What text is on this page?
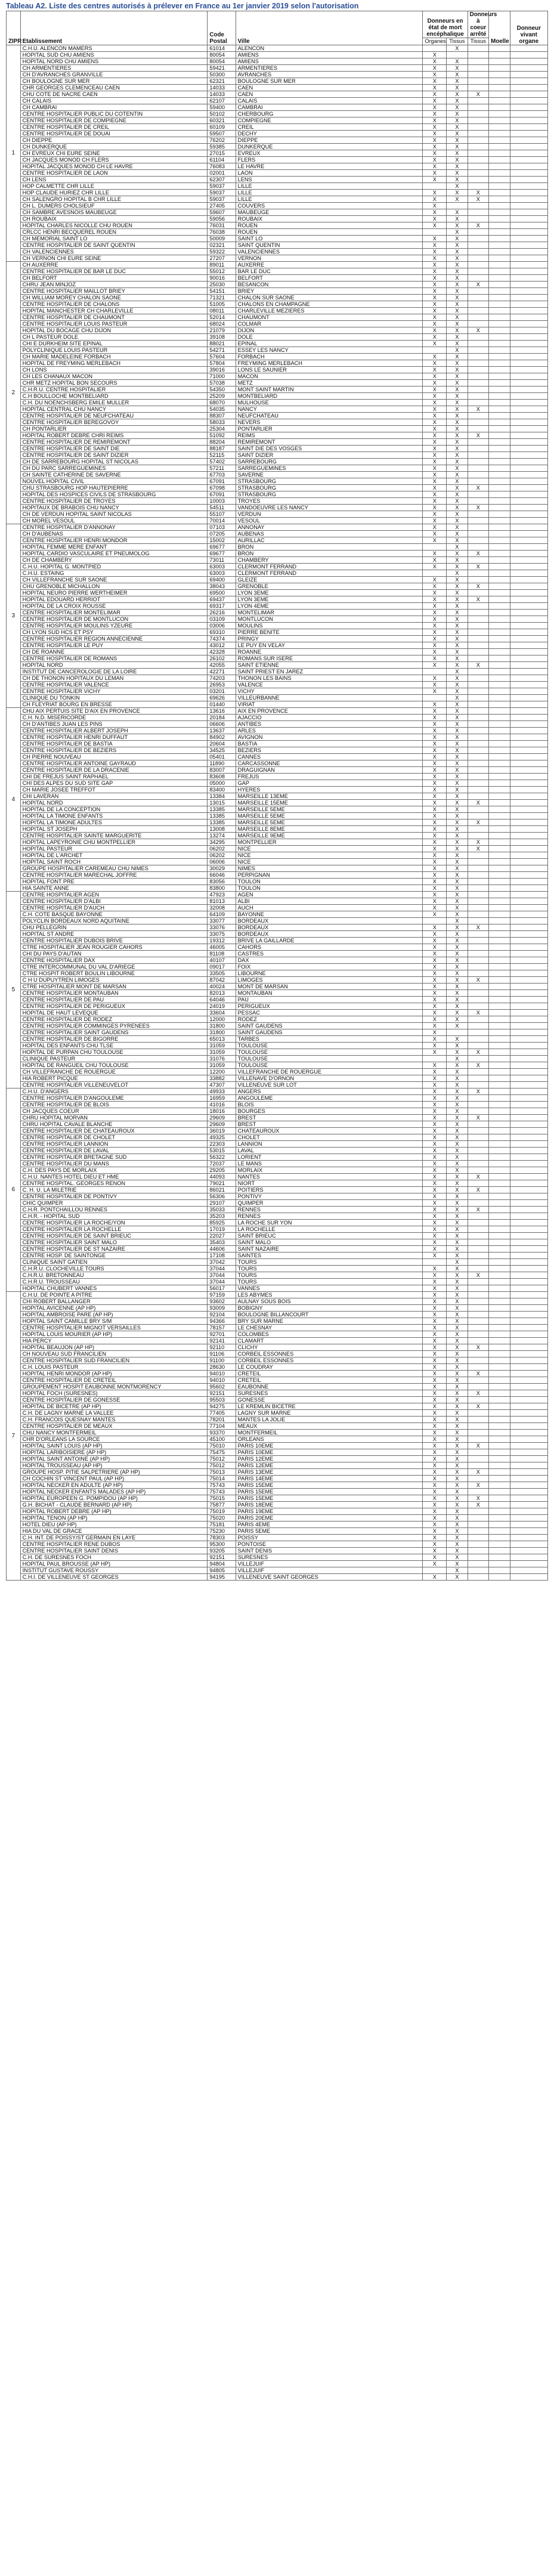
Tableau A2. Liste des centres autorisés à prélever en France au 1er janvier 2019 selon l'autorisation
ZIPR	Etablissement	Code Postal	Ville	Donneurs en état de mort encéphalique		Donneurs à coeur arrêté	Moelle	Donneur vivant organe
				Organes	Tissus	Tissus		
1	C.H.U. ALENCON MAMERS	61014	ALENCON		X			
	HOPITAL SUD CHU AMIENS	80054	AMIENS	X				
	HOPITAL NORD CHU AMIENS	80054	AMIENS	X	X			
	CH ARMENTIERES	59421	ARMENTIERES	X	X			
	CH D'AVRANCHES GRANVILLE	50300	AVRANCHES	X	X			
	CH BOULOGNE SUR MER	62321	BOULOGNE SUR MER	X	X			
	CHR GEORGES CLEMENCEAU CAEN	14033	CAEN	X	X			
	CHU COTE DE NACRE CAEN	14033	CAEN	X	X	X		
	CH CALAIS	62107	CALAIS	X	X			
	CH CAMBRAI	59400	CAMBRAI	X	X			
	CENTRE HOSPITALIER PUBLIC DU COTENTIN	50102	CHERBOURG	X	X			
	CENTRE HOSPITALIER DE COMPIEGNE	60321	COMPIEGNE	X	X			
	CENTRE HOSPITALIER DE CREIL	60109	CREIL	X	X			
	CENTRE HOSPITALIER DE DOUAI	59507	DECHY	X	X			
	CH DIEPPE	76202	DIEPPE	X	X			
	CH DUNKERQUE	59385	DUNKERQUE	X	X			
	CH EVREUX CHI EURE SEINE	27015	EVREUX	X	X			
	CH JACQUES MONOD CH FLERS	61104	FLERS	X	X			
	HOPITAL JACQUES MONOD CH LE HAVRE	76083	LE HAVRE	X	X			
	CENTRE HOSPITALIER DE LAON	02001	LAON	X	X			
	CH LENS	62307	LENS	X	X			
	HOP CALMETTE CHR LILLE	59037	LILLE		X			
	HOP CLAUDE HURIEZ CHR LILLE	59037	LILLE	X	X	X		
	CH SALENGRO HOPITAL B CHR LILLE	59037	LILLE	X	X	X		
	CH L. DUMERS CHOLSIEUF	27405	COUVERS	X				
	CH SAMBRE AVESNOIS MAUBEUGE	59607	MAUBEUGE	X	X			
	CH ROUBAIX	59056	ROUBAIX	X	X			
	HOPITAL CHARLES NICOLLE CHU ROUEN	76031	ROUEN	X	X	X		
	CRLCC HENRI BECQUEREL ROUEN	76038	ROUEN		X			
	CH MEMORIAL SAINT LO	50009	SAINT LO	X	X			
	CENTRE HOSPITALIER DE SAINT QUENTIN	02321	SAINT QUENTIN	X	X			
	CH VALENCIENNES	59322	VALENCIENNES	X	X			
	CH VERNON CHI EURE SEINE	27207	VERNON	X	X			
2	CH AUXERRE	89011	AUXERRE	X	X			
	CENTRE HOSPITALIER DE BAR LE DUC	55012	BAR LE DUC	X	X			
	CH BELFORT	90016	BELFORT	X	X			
	CHRU JEAN MINJOZ	25030	BESANCON	X	X	X		
	CENTRE HOSPITALIER MAILLOT BRIEY	54151	BRIEY	X	X			
	CH WILLIAM MOREY CHALON SAONE	71321	CHALON SUR SAONE	X	X			
	CENTRE HOSPITALIER DE CHALONS	51005	CHALONS EN CHAMPAGNE	X	X			
	HOPITAL MANCHESTER CH CHARLEVILLE	08011	CHARLEVILLE MEZIERES	X	X			
	CENTRE HOSPITALIER DE CHAUMONT	52014	CHAUMONT	X	X			
	CENTRE HOSPITALIER LOUIS PASTEUR	68024	COLMAR	X	X			
	HOPITAL DU BOCAGE CHU DIJON	21079	DIJON	X	X	X		
	CH L PASTEUR DOLE	39108	DOLE	X	X			
	CHI E DURKHEIM SITE EPINAL	88021	EPINAL	X	X			
	POLYCLINIQUE LOUIS PASTEUR	54271	ESSEY LES NANCY		X			
	CH MARIE MADELEINE FORBACH	57604	FORBACH	X	X			
	HOPITAL DE FREYMING MERLEBACH	57804	FREYMING MERLEBACH	X	X			
	CH LONS	39016	LONS LE SAUNIER	X	X			
	CH LES CHANAUX MACON	71000	MACON	X	X			
	CHR METZ HOPITAL BON SECOURS	57038	METZ	X	X			
	C.H.R.U. CENTRE HOSPITALIER	54350	MONT SAINT MARTIN	X	X			
	C.H BOULLOCHE MONTBELIARD	25209	MONTBELIARD	X	X			
	C.H. DU NOENCHSBERG EMILE MULLER	68070	MULHOUSE	X	X			
	HOPITAL CENTRAL CHU NANCY	54035	NANCY	X	X	X		
	CENTRE HOSPITALIER DE NEUFCHATEAU	88307	NEUFCHATEAU	X	X			
	CENTRE HOSPITALIER BEREGOVOY	58033	NEVERS	X	X			
	CH PONTARLIER	25304	PONTARLIER	X	X			
	HOPITAL ROBERT DEBRE CHRI REIMS	51092	REIMS	X	X	X		
	CENTRE HOSPITALIER DE REMIREMONT	88204	REMIREMONT	X	X			
	CENTRE HOSPITALIER DE SAINT DIE	88187	SAINT DIE DES VOSGES	X	X			
	CENTRE HOSPITALIER DE SAINT DIZIER	52115	SAINT DIZIER	X	X			
	CH DE SARREBOURG HOPITAL ST NICOLAS	57402	SARREBOURG	X	X			
	CH DU PARC SARREGUEMINES	57211	SARREGUEMINES	X	X			
	CH SAINTE CATHERINE DE SAVERNE	67703	SAVERNE	X	X			
	NOUVEL HOPITAL CIVIL	67091	STRASBOURG	X	X			
	CHU STRASBOURG HOP HAUTEPIERRE	67098	STRASBOURG	X	X	X		
	HOPITAL DES HOSPICES CIVILS DE STRASBOURG	67091	STRASBOURG	X	X			
	CENTRE HOSPITALIER DE TROYES	10003	TROYES	X	X			
	HOPITAUX DE BRABOIS CHU NANCY	54511	VANDOEUVRE LES NANCY	X	X	X		
	CH DE VERDUN HOPITAL SAINT NICOLAS	55107	VERDUN	X	X			
	CH MOREL VESOUL	70014	VESOUL	X	X			
3	CENTRE HOSPITALIER D'ANNONAY	07103	ANNONAY	X	X			
	CH D'AUBENAS	07205	AUBENAS	X	X			
	CENTRE HOSPITALIER HENRI MONDOR	15002	AURILLAC	X	X			
	HOPITAL FEMME MERE ENFANT	69677	BRON		X			
	HOPITAL CARDIO VASCULAIRE ET PNEUMOLOG	69677	BRON	X	X	X		
	CH DE CHAMBERY	73011	CHAMBERY	X	X			
	C.H.U. HOPITAL G. MONTPIED	63003	CLERMONT FERRAND	X	X	X		
	C.H.U. ESTAING	63003	CLERMONT FERRAND		X			
	CH VILLEFRANCHE SUR SAONE	69400	GLEIZE	X	X			
	CHU GRENOBLE MICHALLON	38043	GRENOBLE	X	X	X		
	HOPITAL NEURO PIERRE WERTHEIMER	69500	LYON 3EME	X	X			
	HOPITAL EDOUARD HERRIOT	69437	LYON 3EME	X	X	X		
	HOPITAL DE LA CROIX ROUSSE	69317	LYON 4EME	X	X			
	CENTRE HOSPITALIER MONTELIMAR	26216	MONTELIMAR	X	X			
	CENTRE HOSPITALIER DE MONTLUCON	03109	MONTLUCON	X	X			
	CENTRE HOSPITALIER MOULINS YZEURE	03006	MOULINS	X	X			
	CH LYON SUD HCS ET PSY	69310	PIERRE BENITE	X	X			
	CENTRE HOSPITALIER REGION ANNECIENNE	74374	PRINGY	X	X			
	CENTRE HOSPITALIER LE PUY	43012	LE PUY EN VELAY	X	X			
	CH DE ROANNE	42328	ROANNE	X	X			
	CENTRE HOSPITALIER DE ROMANS	26102	ROMANS SUR ISERE	X	X			
	HOPITAL NORD	42055	SAINT ETIENNE	X	X	X		
	INSTITUT DE CANCEROLOGIE DE LA LOIRE	42271	SAINT PRIEST EN JAREZ		X			
	CH DE THONON HOPITAUX DU LEMAN	74203	THONON LES BAINS	X	X			
	CENTRE HOSPITALIER VALENCE	26953	VALENCE	X	X			
	CENTRE HOSPITALIER VICHY	03201	VICHY	X	X			
	CLINIQUE DU TONKIN	69626	VILLEURBANNE		X			
	CH FLEYRIAT BOURG EN BRESSE	01440	VIRIAT	X	X			
4	CHU AIX PERTUIS SITE D'AIX EN PROVENCE	13616	AIX EN PROVENCE	X	X			
	C.H. N.D. MISERICORDE	20184	AJACCIO	X	X			
	CH D'ANTIBES JUAN LES PINS	06606	ANTIBES	X	X			
	CENTRE HOSPITALIER ALBERT JOSEPH	13637	ARLES	X	X			
	CENTRE HOSPITALIER HENRI DUFFAUT	84902	AVIGNON	X	X			
	CENTRE HOSPITALIER DE BASTIA	20604	BASTIA	X	X			
	CENTRE HOSPITALIER DE BEZIERS	34525	BEZIERS	X	X			
	CH PIERRE NOUVEAU	05401	CANNES	X	X			
	CENTRE HOSPITALIER ANTOINE GAYRAUD	11890	CARCASSONNE	X	X			
	CENTRE HOSPITALIER DE LA DRACENIE	83007	DRAGUIGNAN	X	X			
	CHI DE FREJUS SAINT RAPHAEL	83608	FREJUS	X	X			
	CHI DES ALPES DU SUD SITE GAP	05000	GAP	X	X			
	CH MARIE JOSEE TREFFOT	83400	HYERES	X	X			
	CHI LAVERAN	13384	MARSEILLE 13EME	X	X			
	HOPITAL NORD	13015	MARSEILLE 15EME	X	X	X		
	HOPITAL DE LA CONCEPTION	13385	MARSEILLE 5EME	X	X			
	HOPITAL LA TIMONE ENFANTS	13385	MARSEILLE 5EME	X	X			
	HOPITAL LA TIMONE ADULTES	13385	MARSEILLE 5EME	X	X	X		
	HOPITAL ST JOSEPH	13008	MARSEILLE 8EME	X	X			
	CENTRE HOSPITALIER SAINTE MARGUERITE	13274	MARSEILLE 9EME	X	X			
	HOPITAL LAPEYRONIE CHU MONTPELLIER	34295	MONTPELLIER	X	X	X		
	HOPITAL PASTEUR	06202	NICE	X	X	X		
	HOPITAL DE L'ARCHET	06202	NICE	X	X			
	HOPITAL SAINT ROCH	06006	NICE	X	X			
	GROUPE HOSPITALIER CAREMEAU CHU NIMES	30029	NIMES	X	X			
	CENTRE HOSPITALIER MARECHAL JOFFRE	66046	PERPIGNAN	X	X			
	HOPITAL FONT PRE	83056	TOULON	X	X			
	HIA SAINTE ANNE	83800	TOULON	X	X			
5	CENTRE HOSPITALIER AGEN	47923	AGEN	X	X			
	CENTRE HOSPITALIER D'ALBI	81013	ALBI	X	X			
	CENTRE HOSPITALIER D'AUCH	32008	AUCH	X	X			
	C.H. COTE BASQUE BAYONNE	64109	BAYONNE	X	X			
	POLYCLIN BORDEAUX NORD AQUITAINE	33077	BORDEAUX		X			
	CHU PELLEGRIN	33076	BORDEAUX	X	X	X		
	HOPITAL ST ANDRE	33075	BORDEAUX	X	X			
	CENTRE HOSPITALIER DUBOIS BRIVE	19312	BRIVE LA GAILLARDE	X	X			
	CTRE HOSPITALIER JEAN ROUGIER CAHORS	46005	CAHORS	X	X			
	CHI DU PAYS D'AUTAN	81108	CASTRES	X	X			
	CENTRE HOSPITALIER DAX	40107	DAX	X	X			
	CTRE INTERCOMMUNAL DU VAL D'ARIEGE	09017	FOIX	X	X			
	CTRE HOSPIT ROBERT BOULIN LIBOURNE	33505	LIBOURNE	X	X			
	C H U DUPUYTREN LIMOGES	87042	LIMOGES	X	X	X		
	CTRE HOSPITALIER MONT DE MARSAN	40024	MONT DE MARSAN	X	X			
	CENTRE HOSPITALIER MONTAUBAN	82013	MONTAUBAN	X	X			
	CENTRE HOSPITALIER DE PAU	64046	PAU	X	X			
	CENTRE HOSPITALIER DE PERIGUEUX	24019	PERIGUEUX	X	X			
	HOPITAL DE HAUT LEVEQUE	33604	PESSAC	X	X	X		
	CENTRE HOSPITALIER DE RODEZ	12000	RODEZ	X	X			
	CENTRE HOSPITALIER COMMINGES PYRENEES	31800	SAINT GAUDENS	X	X			
	CENTRE HOSPITALIER SAINT GAUDENS	31800	SAINT GAUDENS	X				
	CENTRE HOSPITALIER DE BIGORRE	65013	TARBES	X	X			
	HOPITAL DES ENFANTS CHU TLSE	31059	TOULOUSE	X	X			
	HOPITAL DE PURPAN CHU TOULOUSE	31059	TOULOUSE	X	X	X		
	CLINIQUE PASTEUR	31076	TOULOUSE		X			
	HOPITAL DE RANGUEIL CHU TOULOUSE	31059	TOULOUSE	X	X	X		
	CH VILLEFRANCHE DE ROUERGUE	12200	VILLEFRANCHE DE ROUERGUE	X	X			
	HIA ROBERT PICQUE	33882	VILLENAVE D'ORNON	X	X			
	CENTRE HOSPITALIER VILLENEUVELOT	47307	VILLENEUVE SUR LOT	X	X			
6	C.H.U. D'ANGERS	49933	ANGERS	X	X	X		
	CENTRE HOSPITALIER D'ANGOULEME	16959	ANGOULEME	X	X			
	CENTRE HOSPITALIER DE BLOIS	41016	BLOIS	X	X			
	CH JACQUES COEUR	18016	BOURGES	X	X			
	CHRU HOPITAL MORVAN	29609	BREST	X	X	X		
	CHRU HOPITAL CAVALE BLANCHE	29609	BREST	X	X			
	CENTRE HOSPITALIER DE CHATEAUROUX	36019	CHATEAUROUX	X	X			
	CENTRE HOSPITALIER DE CHOLET	49325	CHOLET	X	X			
	CENTRE HOSPITALIER LANNION	22303	LANNION	X	X			
	CENTRE HOSPITALIER DE LAVAL	53015	LAVAL	X	X			
	CENTRE HOSPITALIER BRETAGNE SUD	56322	LORIENT	X	X			
	CENTRE HOSPITALIER DU MANS	72037	LE MANS	X	X			
	C.H. DES PAYS DE MORLAIX	29205	MORLAIX	X	X			
	C.H.U. NANTES HOTEL DIEU ET HME	44093	NANTES	X	X	X		
	CENTRE HOSPITAL. GEORGES RENON	79021	NIORT	X	X			
	C. H. U. LA MILETRIE	86021	POITIERS	X	X	X		
	CENTRE HOSPITALIER DE PONTIVY	56306	PONTIVY	X	X			
	CHIC QUIMPER	29107	QUIMPER	X	X			
	C.H.R. PONTCHAILLOU RENNES	35033	RENNES	X	X	X		
	C.H.R. - HOPITAL SUD	35203	RENNES	X	X			
	CENTRE HOSPITALIER LA ROCHE/YON	85925	LA ROCHE SUR YON	X	X			
	CENTRE HOSPITALIER LA ROCHELLE	17019	LA ROCHELLE	X	X			
	CENTRE HOSPITALIER DE SAINT BRIEUC	22027	SAINT BRIEUC	X	X			
	CENTRE HOSPITALIER SAINT MALO	35403	SAINT MALO	X	X			
	CENTRE HOSPITALIER DE ST NAZAIRE	44606	SAINT NAZAIRE	X	X			
	CENTRE HOSP. DE SAINTONGE	17108	SAINTES	X	X			
	CLINIQUE SAINT GATIEN	37042	TOURS		X			
	C.H.R.U. CLOCHEVILLE TOURS	37044	TOURS	X	X			
	C.H.R.U. BRETONNEAU	37044	TOURS	X	X	X		
	C.H.R.U. TROUSSEAU	37044	TOURS	X	X			
	HOPITAL CHUBERT VANNES	56017	VANNES	X	X			
7	C.H.U. DE POINTE A PITRE	97159	LES ABYMES	X	X			
	CHI ROBERT BALLANGER	93602	AULNAY SOUS BOIS	X	X			
	HOPITAL AVICENNE (AP HP)	93009	BOBIGNY	X	X			
	HOPITAL AMBROISE PARE (AP HP)	92104	BOULOGNE BILLANCOURT	X	X			
	HOPITAL SAINT CAMILLE BRY S/M	94366	BRY SUR MARNE	X	X			
	CENTRE HOSPITALIER MIGNOT VERSAILLES	78157	LE CHESNAY	X	X			
	HOPITAL LOUIS MOURIER (AP HP)	92701	COLOMBES	X	X			
	HIA PERCY	92141	CLAMART	X	X			
	HOPITAL BEAUJON (AP HP)	92110	CLICHY	X	X	X		
	CH NOUVEAU SUD FRANCILIEN	91106	CORBEIL ESSONNES	X	X			
	CENTRE HOSPITALIER SUD FRANCILIEN	91100	CORBEIL ESSONNES	X	X			
	C.H. LOUIS PASTEUR	28630	LE COUDRAY	X	X			
	HOPITAL HENRI MONDOR (AP HP)	94010	CRETEIL	X	X	X		
	CENTRE HOSPITALIER DE CRETEIL	94010	CRETEIL	X	X			
	GROUPEMENT HOSPIT EAUBONNE MONTMORENCY	95602	EAUBONNE	X	X			
	HOPITAL FOCH (SURESNES)	92151	SURESNES	X	X	X		
	CENTRE HOSPITALIER DE GONESSE	95503	GONESSE	X	X			
	HOPITAL DE BICETRE (AP HP)	94275	LE KREMLIN BICETRE	X	X	X		
	C.H. DE LAGNY MARNE LA VALLEE	77405	LAGNY SUR MARNE	X	X			
	C.H. FRANCOIS QUESNAY MANTES	78201	MANTES LA JOLIE	X	X			
	CENTRE HOSPITALIER DE MEAUX	77104	MEAUX	X	X			
	CHU NANCY MONTFERMEIL	93370	MONTFERMEIL	X	X			
	CHR D'ORLEANS LA SOURCE	45100	ORLEANS	X	X			
	HOPITAL SAINT LOUIS (AP HP)	75010	PARIS 10EME	X	X	X		
	HOPITAL LARIBOISIERE (AP HP)	75475	PARIS 10EME	X	X			
	HOPITAL SAINT ANTOINE (AP HP)	75012	PARIS 12EME	X	X			
	HOPITAL TROUSSEAU (AP HP)	75012	PARIS 12EME	X	X			
	GROUPE HOSP. PITIE SALPETRIERE (AP HP)	75013	PARIS 13EME	X	X	X		
	CH COCHIN ST VINCENT PAUL (AP HP)	75014	PARIS 14EME	X	X			
	HOPITAL NECKER EN ADULTE (AP HP)	75743	PARIS 15EME	X	X	X		
	HOPITAL NECKER ENFANTS MALADES (AP HP)	75743	PARIS 15EME	X	X			
	HOPITAL EUROPEEN G. POMPIDOU (AP HP)	75015	PARIS 15EME	X	X	X		
	G.H. BICHAT - CLAUDE BERNARD (AP HP)	75877	PARIS 18EME	X	X	X		
	HOPITAL ROBERT DEBRE (AP HP)	75019	PARIS 19EME	X	X			
	HOPITAL TENON (AP HP)	75020	PARIS 20EME	X	X			
	HOTEL DIEU (AP HP)	75181	PARIS 4EME	X	X			
	HIA DU VAL DE GRACE	75230	PARIS 5EME	X	X			
	C.H. INT. DE POISSY/ST GERMAIN EN LAYE	78303	POISSY	X	X			
	CENTRE HOSPITALIER RENE DUBOS	95300	PONTOISE	X	X			
	CENTRE HOSPITALIER SAINT DENIS	93205	SAINT DENIS	X	X			
	C.H. DE SURESNES FOCH	92151	SURESNES	X	X			
	HOPITAL PAUL BROUSSE (AP HP)	94804	VILLEJUIF	X	X			
	INSTITUT GUSTAVE ROUSSY	94805	VILLEJUIF		X			
	C.H.I. DE VILLENEUVE ST GEORGES	94195	VILLENEUVE SAINT GEORGES	X	X			
